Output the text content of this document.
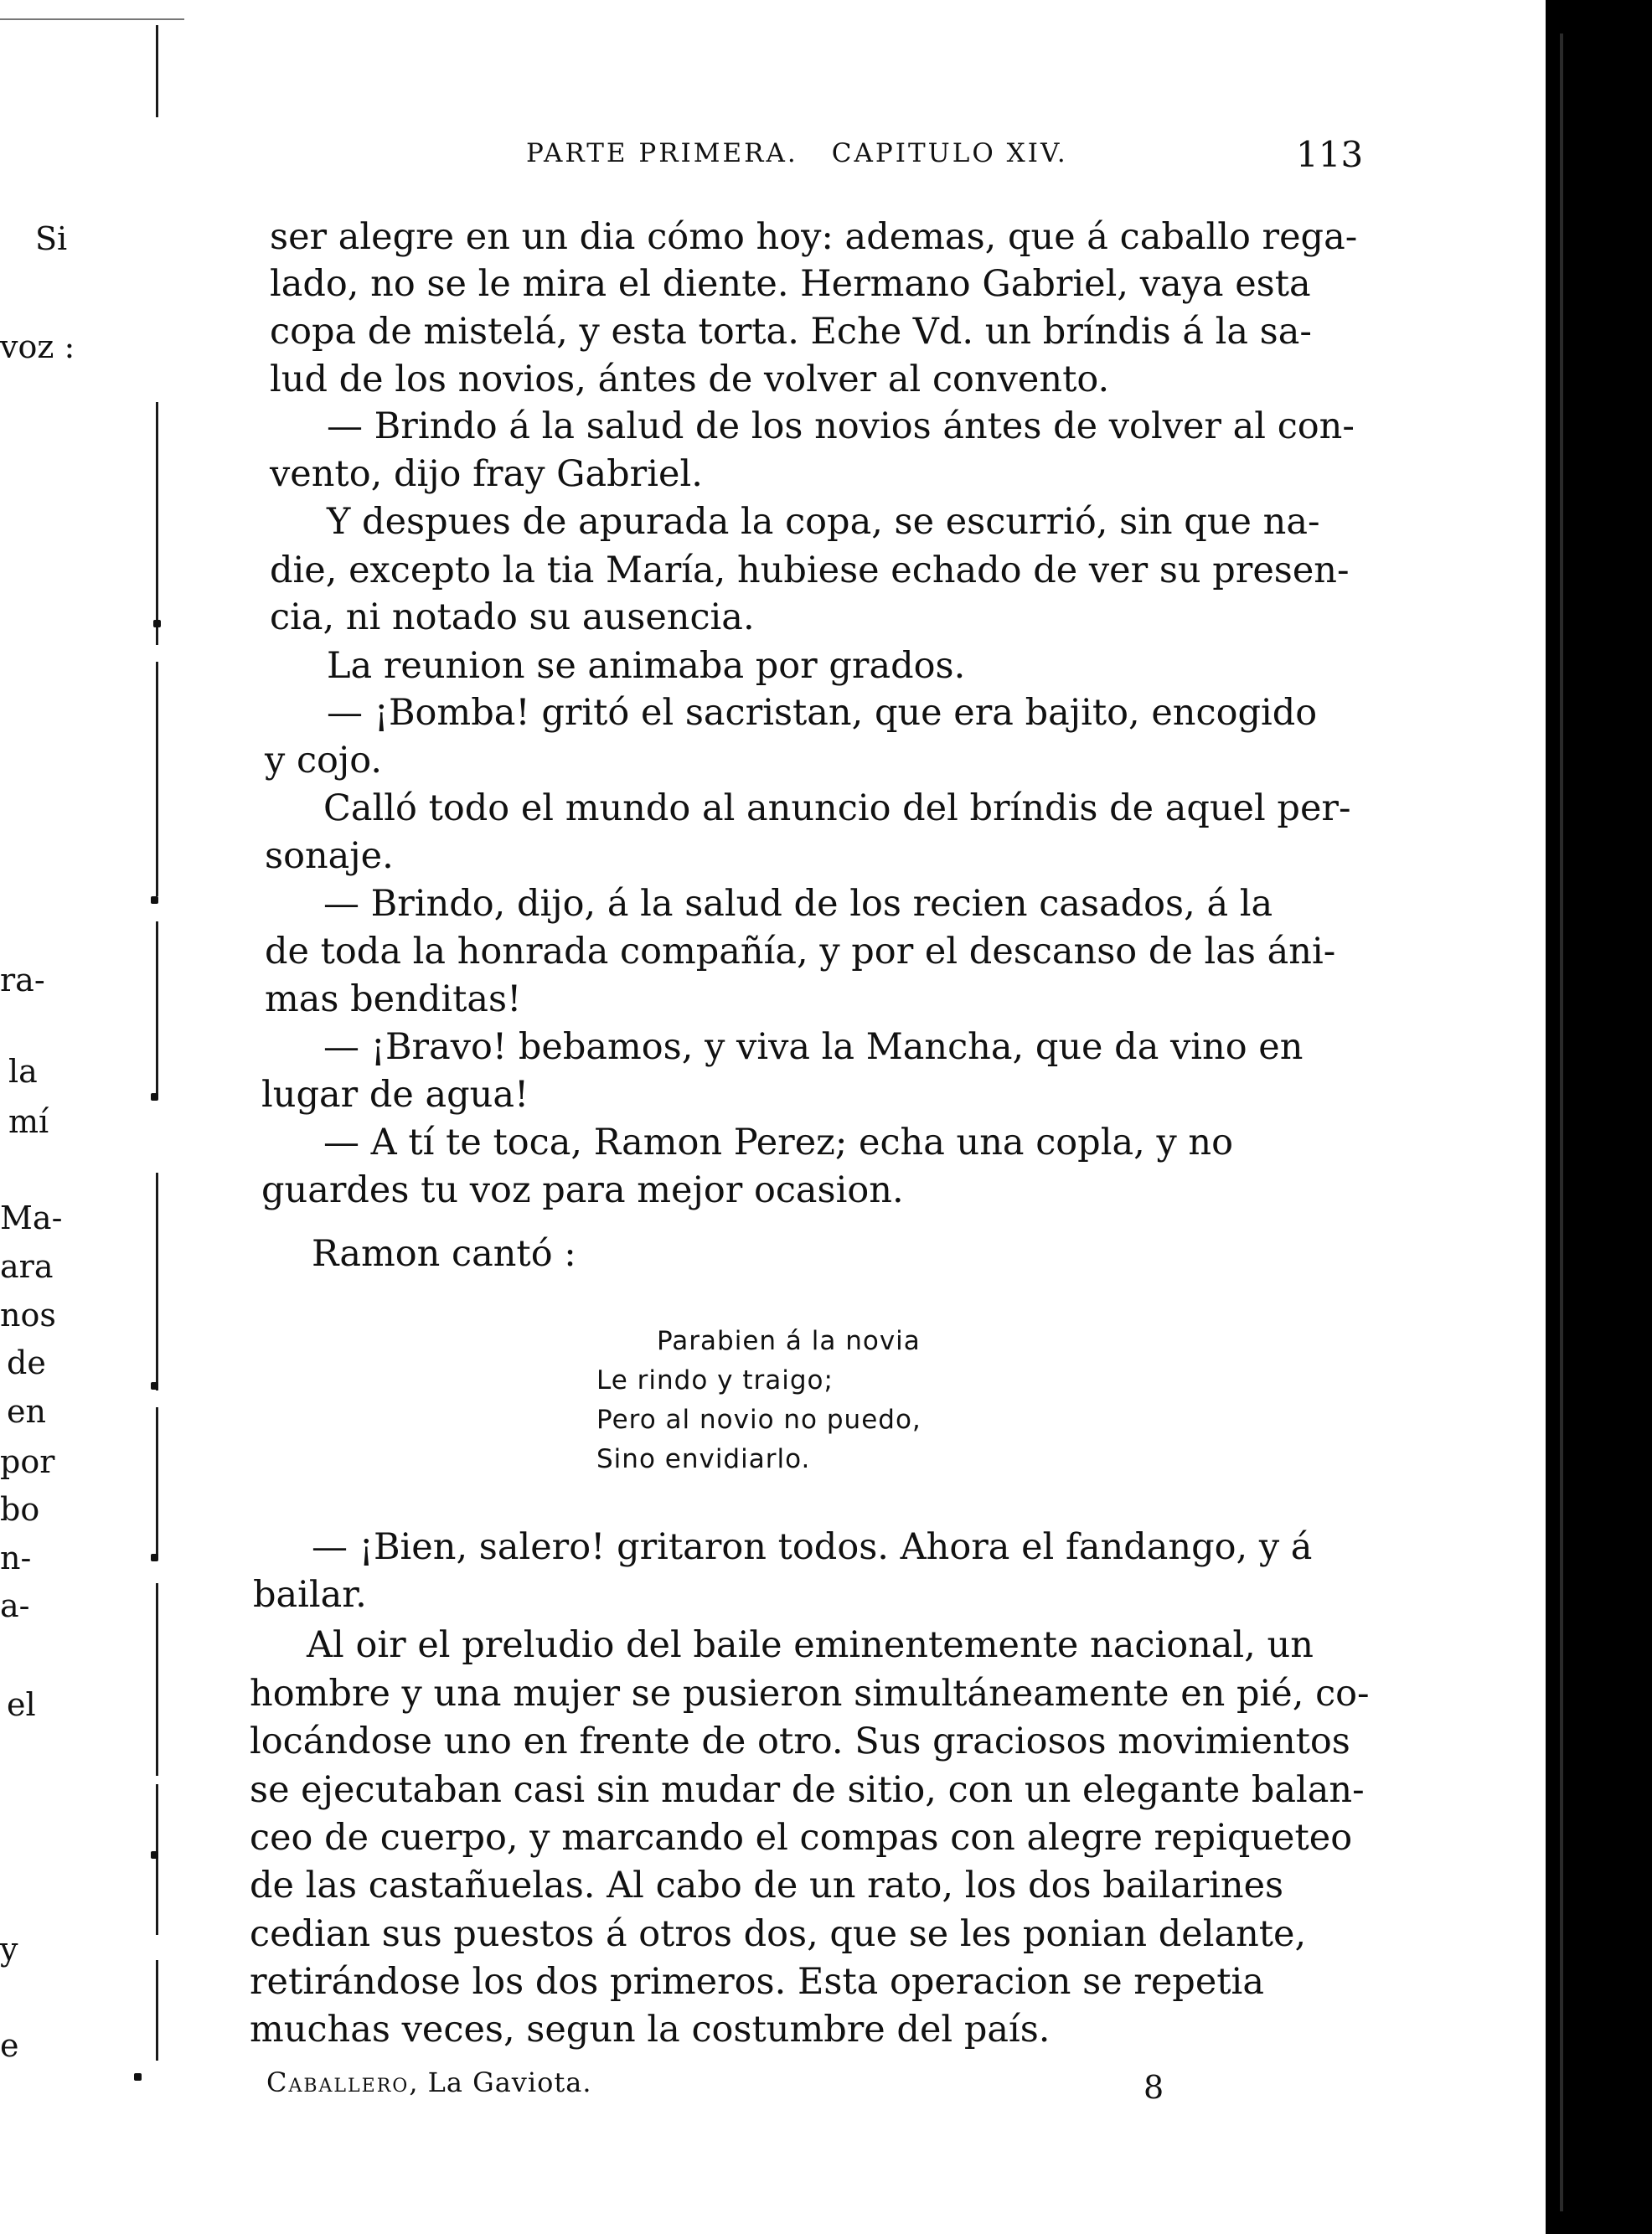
Si
voz :
ra-
la
mí
Ma-
ara
nos
de
en
por
bo
n-
a-
el
y
e
PARTE PRIMERA. CAPITULO XIV.	113
ser alegre en un dia cómo hoy: ademas, que á caballo rega-
lado, no se le mira el diente. Hermano Gabriel, vaya esta
copa de mistelá, y esta torta. Eche Vd. un bríndis á la sa-
lud de los novios, ántes de volver al convento.
— Brindo á la salud de los novios ántes de volver al con-
vento, dijo fray Gabriel.
Y despues de apurada la copa, se escurrió, sin que na-
die, excepto la tia María, hubiese echado de ver su presen-
cia, ni notado su ausencia.
La reunion se animaba por grados.
— ¡Bomba! gritó el sacristan, que era bajito, encogido
y cojo.
Calló todo el mundo al anuncio del bríndis de aquel per-
sonaje.
— Brindo, dijo, á la salud de los recien casados, á la
de toda la honrada compañía, y por el descanso de las áni-
mas benditas!
— ¡Bravo! bebamos, y viva la Mancha, que da vino en
lugar de agua!
— A tí te toca, Ramon Perez; echa una copla, y no
guardes tu voz para mejor ocasion.
Ramon cantó :
Parabien á la novia
Le rindo y traigo;
Pero al novio no puedo,
Sino envidiarlo.
— ¡Bien, salero! gritaron todos. Ahora el fandango, y á
bailar.
Al oir el preludio del baile eminentemente nacional, un
hombre y una mujer se pusieron simultáneamente en pié, co-
locándose uno en frente de otro. Sus graciosos movimientos
se ejecutaban casi sin mudar de sitio, con un elegante balan-
ceo de cuerpo, y marcando el compas con alegre repiqueteo
de las castañuelas. Al cabo de un rato, los dos bailarines
cedian sus puestos á otros dos, que se les ponian delante,
retirándose los dos primeros. Esta operacion se repetia
muchas veces, segun la costumbre del país.
Caballero, La Gaviota.	8
